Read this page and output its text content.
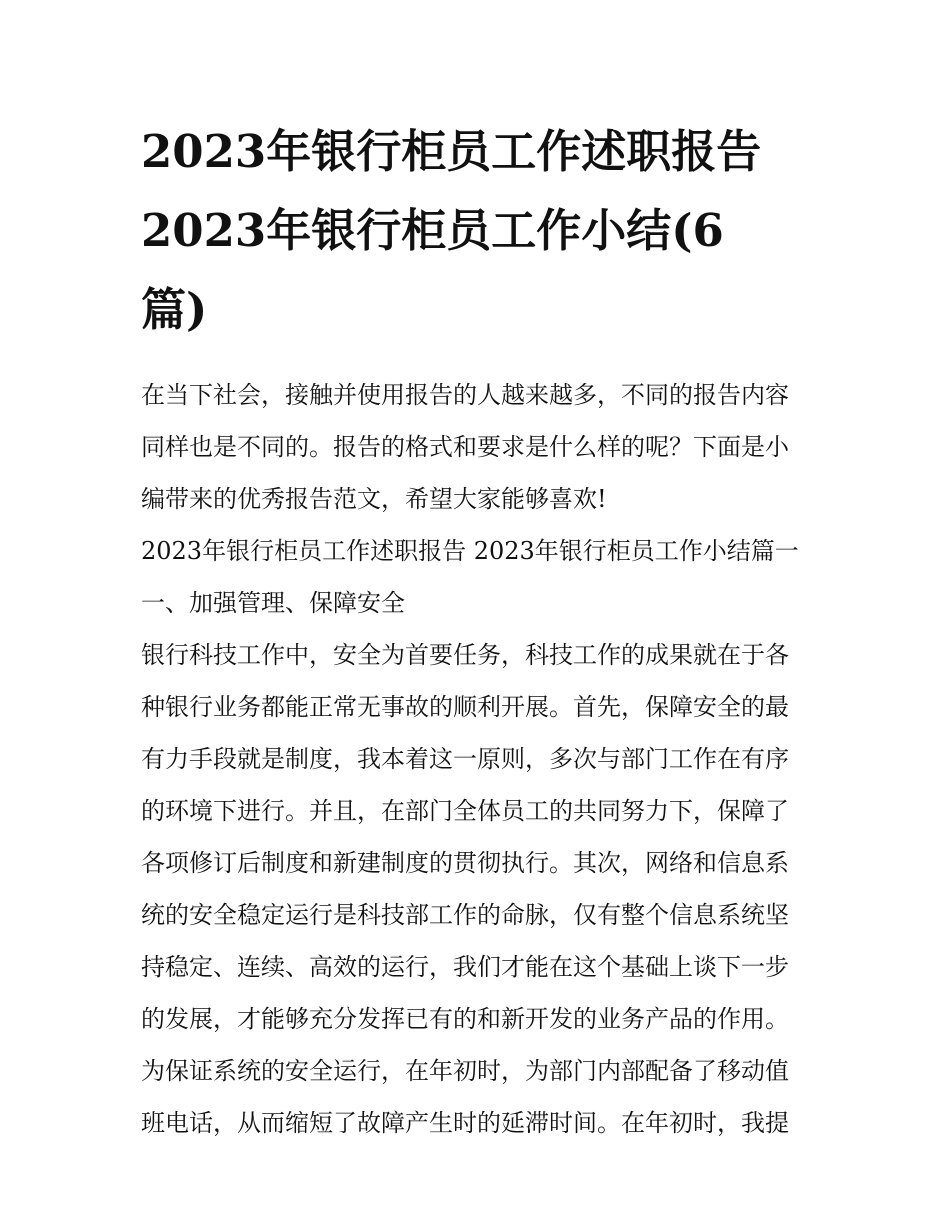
2023年银行柜员工作述职报告
2023年银行柜员工作小结(6
篇)

在当下社会，接触并使用报告的人越来越多，不同的报告内容
同样也是不同的。报告的格式和要求是什么样的呢？下面是小
编带来的优秀报告范文，希望大家能够喜欢!

2023年银行柜员工作述职报告 2023年银行柜员工作小结篇一

一、加强管理、保障安全

银行科技工作中，安全为首要任务，科技工作的成果就在于各
种银行业务都能正常无事故的顺利开展。首先，保障安全的最
有力手段就是制度，我本着这一原则，多次与部门工作在有序
的环境下进行。并且，在部门全体员工的共同努力下，保障了
各项修订后制度和新建制度的贯彻执行。其次，网络和信息系
统的安全稳定运行是科技部工作的命脉，仅有整个信息系统坚
持稳定、连续、高效的运行，我们才能在这个基础上谈下一步
的发展，才能够充分发挥已有的和新开发的业务产品的作用。
为保证系统的安全运行，在年初时，为部门内部配备了移动值
班电话，从而缩短了故障产生时的延滞时间。在年初时，我提
